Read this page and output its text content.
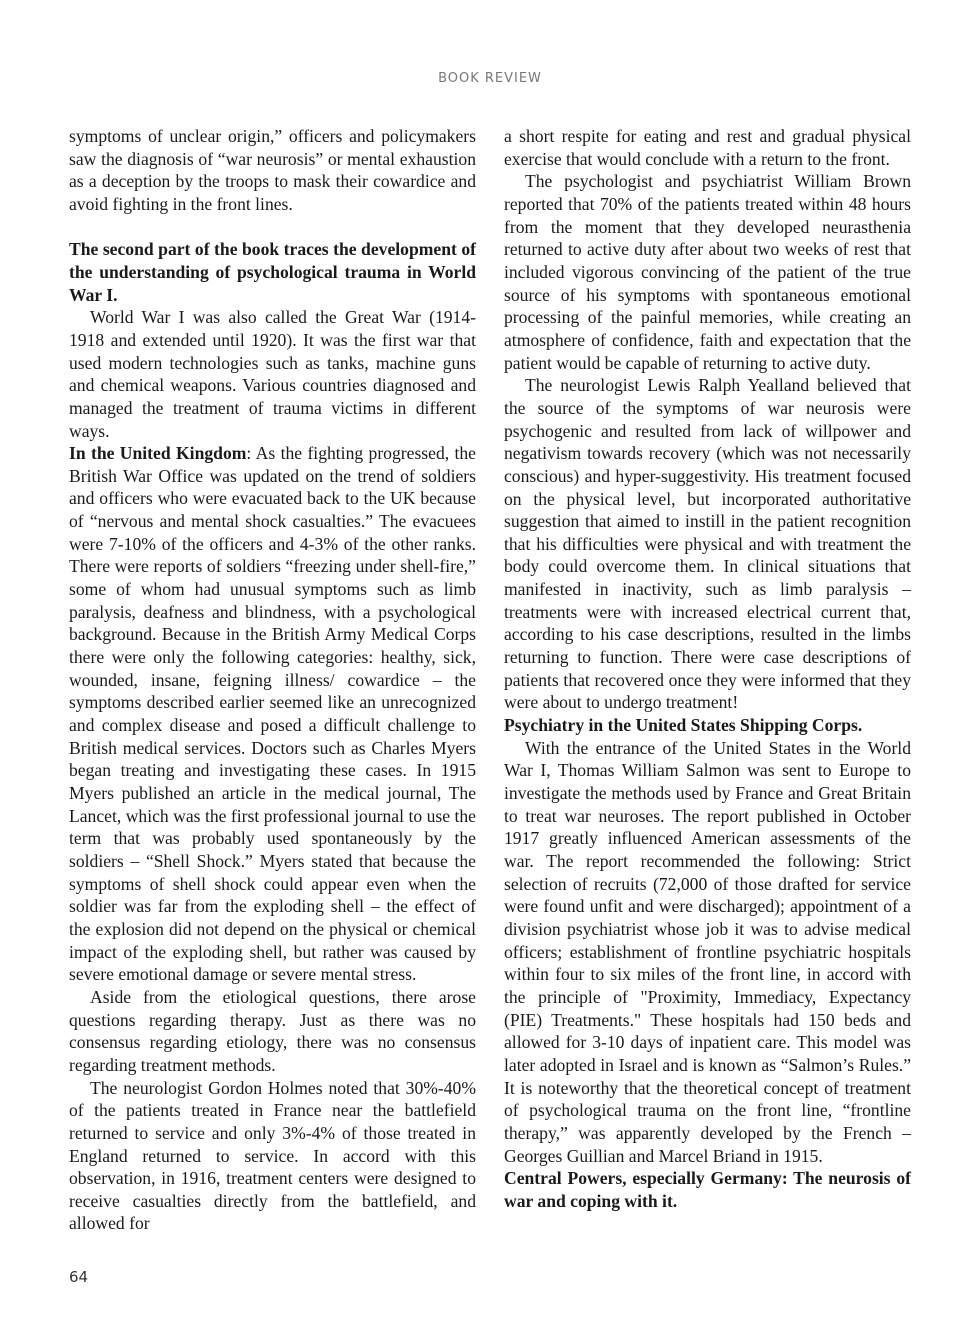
BOOK REVIEW

symptoms of unclear origin,” officers and policymakers saw the diagnosis of “war neurosis” or mental exhaustion as a deception by the troops to mask their cowardice and avoid fighting in the front lines.

The second part of the book traces the development of the understanding of psychological trauma in World War I.

World War I was also called the Great War (1914-1918 and extended until 1920). It was the first war that used modern technologies such as tanks, machine guns and chemical weapons. Various countries diagnosed and managed the treatment of trauma victims in different ways.

In the United Kingdom: As the fighting progressed, the British War Office was updated on the trend of soldiers and officers who were evacuated back to the UK because of “nervous and mental shock casualties.” The evacuees were 7-10% of the officers and 4-3% of the other ranks. There were reports of soldiers “freezing under shell-fire,” some of whom had unusual symptoms such as limb paralysis, deafness and blindness, with a psychological background. Because in the British Army Medical Corps there were only the following categories: healthy, sick, wounded, insane, feigning illness/ cowardice – the symptoms described earlier seemed like an unrecognized and complex disease and posed a difficult challenge to British medical services. Doctors such as Charles Myers began treating and investigating these cases. In 1915 Myers published an article in the medical journal, The Lancet, which was the first professional journal to use the term that was probably used spontaneously by the soldiers – “Shell Shock.” Myers stated that because the symptoms of shell shock could appear even when the soldier was far from the exploding shell – the effect of the explosion did not depend on the physical or chemical impact of the exploding shell, but rather was caused by severe emotional damage or severe mental stress.

Aside from the etiological questions, there arose questions regarding therapy. Just as there was no consensus regarding etiology, there was no consensus regarding treatment methods.

The neurologist Gordon Holmes noted that 30%-40% of the patients treated in France near the battlefield returned to service and only 3%-4% of those treated in England returned to service. In accord with this observation, in 1916, treatment centers were designed to receive casualties directly from the battlefield, and allowed for

a short respite for eating and rest and gradual physical exercise that would conclude with a return to the front.

The psychologist and psychiatrist William Brown reported that 70% of the patients treated within 48 hours from the moment that they developed neurasthenia returned to active duty after about two weeks of rest that included vigorous convincing of the patient of the true source of his symptoms with spontaneous emotional processing of the painful memories, while creating an atmosphere of confidence, faith and expectation that the patient would be capable of returning to active duty.

The neurologist Lewis Ralph Yealland believed that the source of the symptoms of war neurosis were psychogenic and resulted from lack of willpower and negativism towards recovery (which was not necessarily conscious) and hyper-suggestivity. His treatment focused on the physical level, but incorporated authoritative suggestion that aimed to instill in the patient recognition that his difficulties were physical and with treatment the body could overcome them. In clinical situations that manifested in inactivity, such as limb paralysis – treatments were with increased electrical current that, according to his case descriptions, resulted in the limbs returning to function. There were case descriptions of patients that recovered once they were informed that they were about to undergo treatment!

Psychiatry in the United States Shipping Corps.

With the entrance of the United States in the World War I, Thomas William Salmon was sent to Europe to investigate the methods used by France and Great Britain to treat war neuroses. The report published in October 1917 greatly influenced American assessments of the war. The report recommended the following: Strict selection of recruits (72,000 of those drafted for service were found unfit and were discharged); appointment of a division psychiatrist whose job it was to advise medical officers; establishment of frontline psychiatric hospitals within four to six miles of the front line, in accord with the principle of "Proximity, Immediacy, Expectancy (PIE) Treatments." These hospitals had 150 beds and allowed for 3-10 days of inpatient care. This model was later adopted in Israel and is known as “Salmon’s Rules.” It is noteworthy that the theoretical concept of treatment of psychological trauma on the front line, “frontline therapy,” was apparently developed by the French – Georges Guillian and Marcel Briand in 1915.

Central Powers, especially Germany: The neurosis of war and coping with it.

64
